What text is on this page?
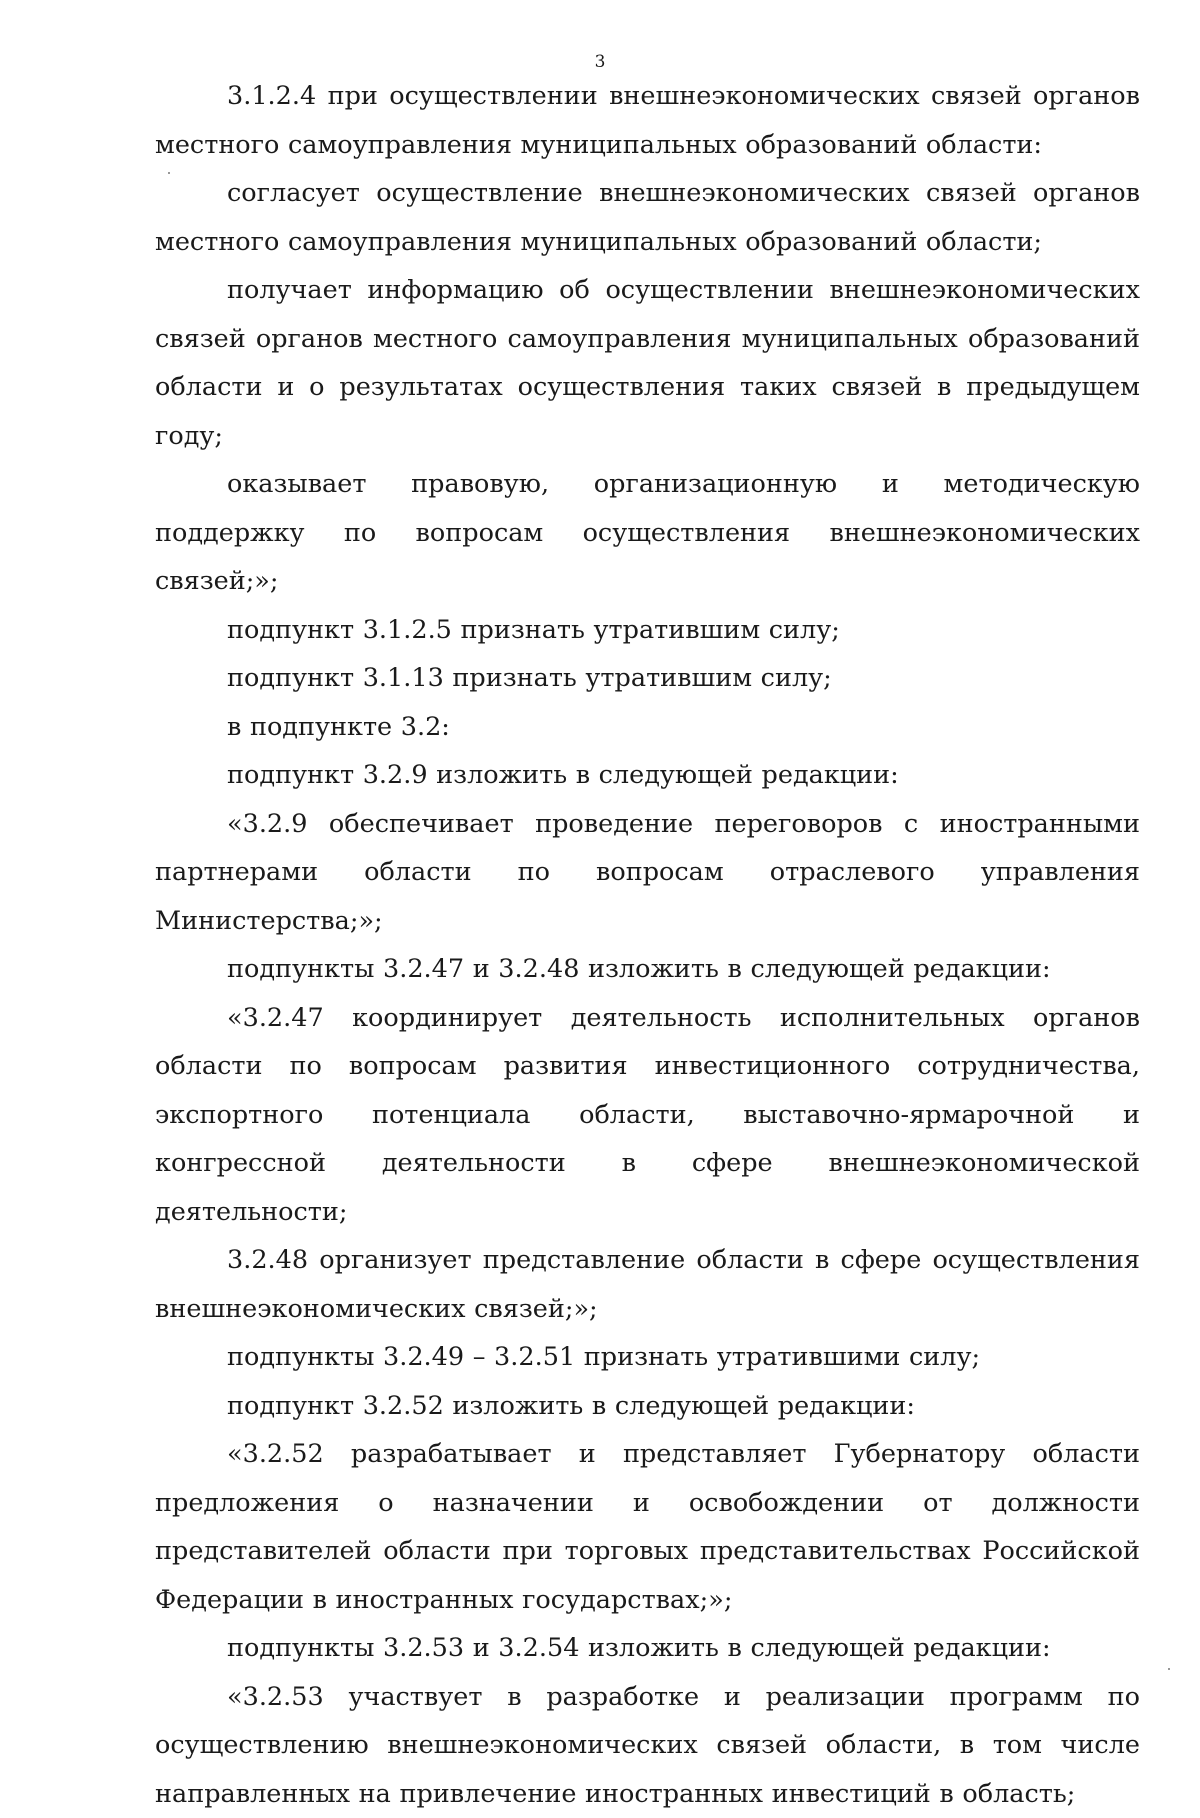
3

3.1.2.4 при осуществлении внешнеэкономических связей органов местного самоуправления муниципальных образований области:

согласует осуществление внешнеэкономических связей органов местного самоуправления муниципальных образований области;

получает информацию об осуществлении внешнеэкономических связей органов местного самоуправления муниципальных образований области и о результатах осуществления таких связей в предыдущем году;

оказывает правовую, организационную и методическую поддержку по вопросам осуществления внешнеэкономических связей;»;

подпункт 3.1.2.5 признать утратившим силу;

подпункт 3.1.13 признать утратившим силу;

в подпункте 3.2:

подпункт 3.2.9 изложить в следующей редакции:

«3.2.9 обеспечивает проведение переговоров с иностранными партнерами области по вопросам отраслевого управления Министерства;»;

подпункты 3.2.47 и 3.2.48 изложить в следующей редакции:

«3.2.47 координирует деятельность исполнительных органов области по вопросам развития инвестиционного сотрудничества, экспортного потенциала области, выставочно-ярмарочной и конгрессной деятельности в сфере внешнеэкономической деятельности;

3.2.48 организует представление области в сфере осуществления внешнеэкономических связей;»;

подпункты 3.2.49 – 3.2.51 признать утратившими силу;

подпункт 3.2.52 изложить в следующей редакции:

«3.2.52 разрабатывает и представляет Губернатору области предложения о назначении и освобождении от должности представителей области при торговых представительствах Российской Федерации в иностранных государствах;»;

подпункты 3.2.53 и 3.2.54 изложить в следующей редакции:

«3.2.53 участвует в разработке и реализации программ по осуществлению внешнеэкономических связей области, в том числе направленных на привлечение иностранных инвестиций в область;
